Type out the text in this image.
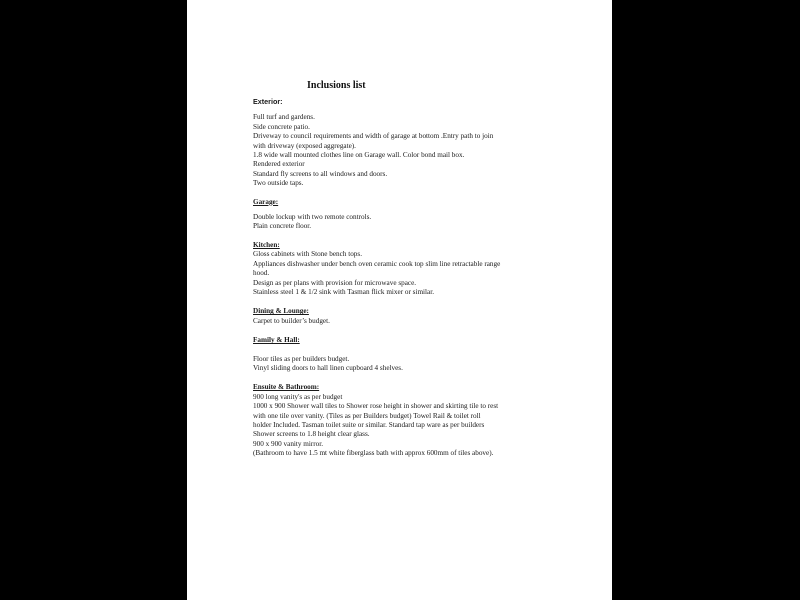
Inclusions list

Exterior:

Full turf and gardens.

Side concrete patio.

Driveway to council requirements and width of garage at bottom .Entry path to join

with driveway (exposed aggregate).

1.8 wide wall mounted clothes line on Garage wall. Color bond mail box.

Rendered exterior

Standard fly screens to all windows and doors.

Two outside taps.

Garage:

Double lockup with two remote controls.

Plain concrete floor.

Kitchen:

Gloss cabinets with Stone bench tops.

Appliances dishwasher under bench oven ceramic cook top slim line retractable range

hood.

Design as per plans with provision for microwave space.

Stainless steel 1 & 1/2 sink with Tasman flick mixer or similar.

Dining & Lounge:

Carpet to builder’s budget.

Family & Hall:

Floor tiles as per builders budget.

Vinyl sliding doors to hall linen cupboard 4 shelves.

Ensuite & Bathroom:

900 long vanity's as per budget

1000 x 900 Shower wall tiles to Shower rose height in shower and skirting tile to rest

with one tile over vanity. (Tiles as per Builders budget) Towel Rail & toilet roll

holder Included. Tasman toilet suite or similar. Standard tap ware as per builders

Shower screens to 1.8 height clear glass.

900 x 900 vanity mirror.

(Bathroom to have 1.5 mt white fiberglass bath with approx 600mm of tiles above).
